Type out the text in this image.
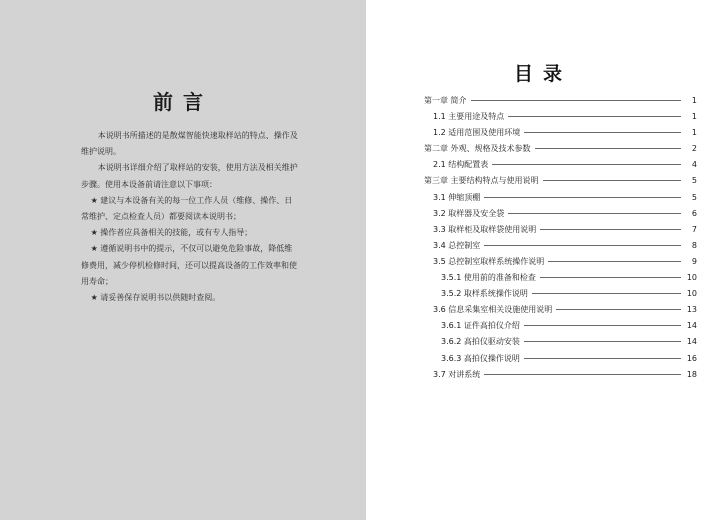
前言

本说明书所描述的是散煤智能快速取样站的特点、操作及维护说明。

本说明书详细介绍了取样站的安装，使用方法及相关维护步骤。使用本设备前请注意以下事项：

★ 建议与本设备有关的每一位工作人员（维修、操作、日常维护、定点检查人员）都要阅读本说明书；

★ 操作者应具备相关的技能，或有专人指导；

★ 遵循说明书中的提示，不仅可以避免危险事故，降低维修费用，减少停机检修时间，还可以提高设备的工作效率和使用寿命；

★ 请妥善保存说明书以供随时查阅。

目录
第一章 简介	1
1.1 主要用途及特点	1
1.2 适用范围及使用环境	1
第二章 外观、规格及技术参数	2
2.1 结构配置表	4
第三章 主要结构特点与使用说明	5
3.1 伸缩顶棚	5
3.2 取样器及安全袋	6
3.3 取样柜及取样袋使用说明	7
3.4 总控制室	8
3.5 总控制室取样系统操作说明	9
3.5.1 使用前的准备和检查	10
3.5.2 取样系统操作说明	10
3.6 信息采集室相关设施使用说明	13
3.6.1 证件高拍仪介绍	14
3.6.2 高拍仪驱动安装	14
3.6.3 高拍仪操作说明	16
3.7 对讲系统	18
